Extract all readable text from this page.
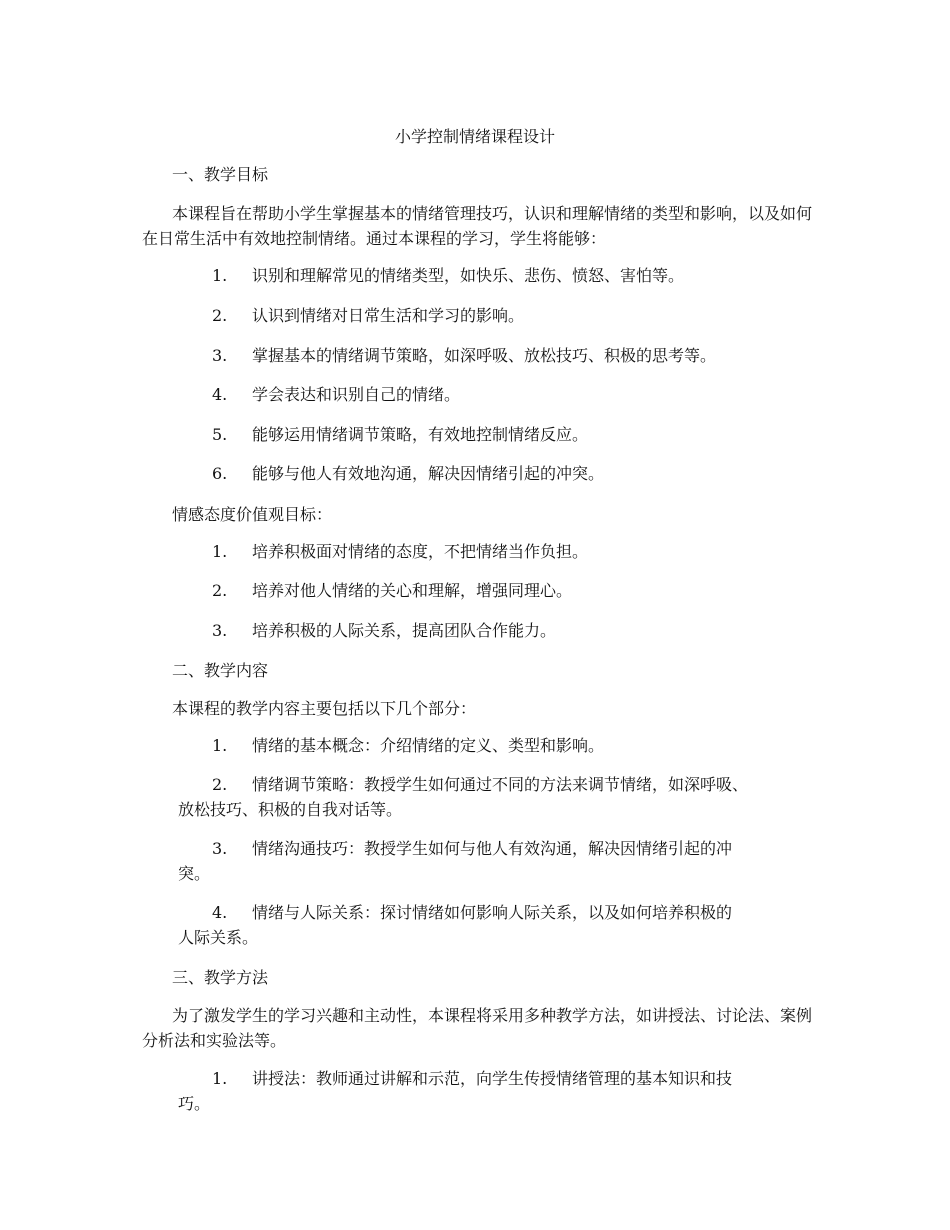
小学控制情绪课程设计
一、教学目标
本课程旨在帮助小学生掌握基本的情绪管理技巧，认识和理解情绪的类型和影响，以及如何在日常生活中有效地控制情绪。通过本课程的学习，学生将能够：
1. 识别和理解常见的情绪类型，如快乐、悲伤、愤怒、害怕等。
2. 认识到情绪对日常生活和学习的影响。
3. 掌握基本的情绪调节策略，如深呼吸、放松技巧、积极的思考等。
4. 学会表达和识别自己的情绪。
5. 能够运用情绪调节策略，有效地控制情绪反应。
6. 能够与他人有效地沟通，解决因情绪引起的冲突。
情感态度价值观目标：
1. 培养积极面对情绪的态度，不把情绪当作负担。
2. 培养对他人情绪的关心和理解，增强同理心。
3. 培养积极的人际关系，提高团队合作能力。
二、教学内容
本课程的教学内容主要包括以下几个部分：
1. 情绪的基本概念：介绍情绪的定义、类型和影响。
2. 情绪调节策略：教授学生如何通过不同的方法来调节情绪，如深呼吸、
放松技巧、积极的自我对话等。
3. 情绪沟通技巧：教授学生如何与他人有效沟通，解决因情绪引起的冲
突。
4. 情绪与人际关系：探讨情绪如何影响人际关系，以及如何培养积极的
人际关系。
三、教学方法
为了激发学生的学习兴趣和主动性，本课程将采用多种教学方法，如讲授法、讨论法、案例分析法和实验法等。
1. 讲授法：教师通过讲解和示范，向学生传授情绪管理的基本知识和技
巧。
